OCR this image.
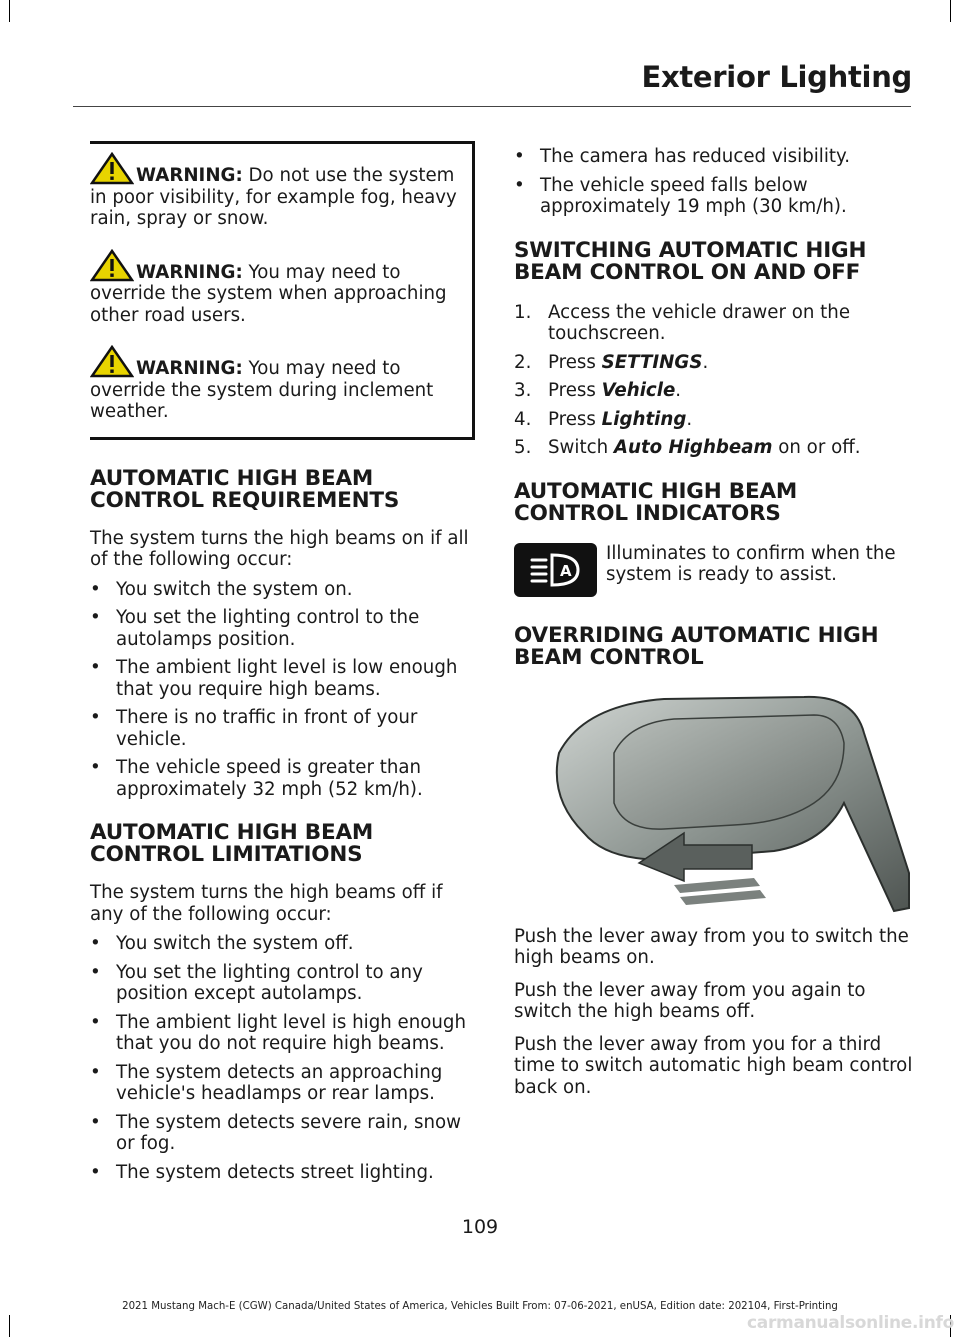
Exterior Lighting

WARNING: Do not use the system in poor visibility, for example fog, heavy rain, spray or snow.

WARNING: You may need to override the system when approaching other road users.

WARNING: You may need to override the system during inclement weather.

AUTOMATIC HIGH BEAM CONTROL REQUIREMENTS

The system turns the high beams on if all of the following occur:

• You switch the system on.
• You set the lighting control to the autolamps position.
• The ambient light level is low enough that you require high beams.
• There is no traffic in front of your vehicle.
• The vehicle speed is greater than approximately 32 mph (52 km/h).
AUTOMATIC HIGH BEAM CONTROL LIMITATIONS

The system turns the high beams off if any of the following occur:

• You switch the system off.
• You set the lighting control to any position except autolamps.
• The ambient light level is high enough that you do not require high beams.
• The system detects an approaching vehicle's headlamps or rear lamps.
• The system detects severe rain, snow or fog.
• The system detects street lighting.
• The camera has reduced visibility.
• The vehicle speed falls below approximately 19 mph (30 km/h).
SWITCHING AUTOMATIC HIGH BEAM CONTROL ON AND OFF
1. Access the vehicle drawer on the touchscreen.
2. Press SETTINGS.
3. Press Vehicle.
4. Press Lighting.
5. Switch Auto Highbeam on or off.
AUTOMATIC HIGH BEAM CONTROL INDICATORS
A
Illuminates to confirm when the system is ready to assist.
OVERRIDING AUTOMATIC HIGH BEAM CONTROL

Push the lever away from you to switch the high beams on.

Push the lever away from you again to switch the high beams off.

Push the lever away from you for a third time to switch automatic high beam control back on.

109
2021 Mustang Mach-E (CGW) Canada/United States of America, Vehicles Built From: 07-06-2021, enUSA, Edition date: 202104, First-Printing
carmanualsonline.info
